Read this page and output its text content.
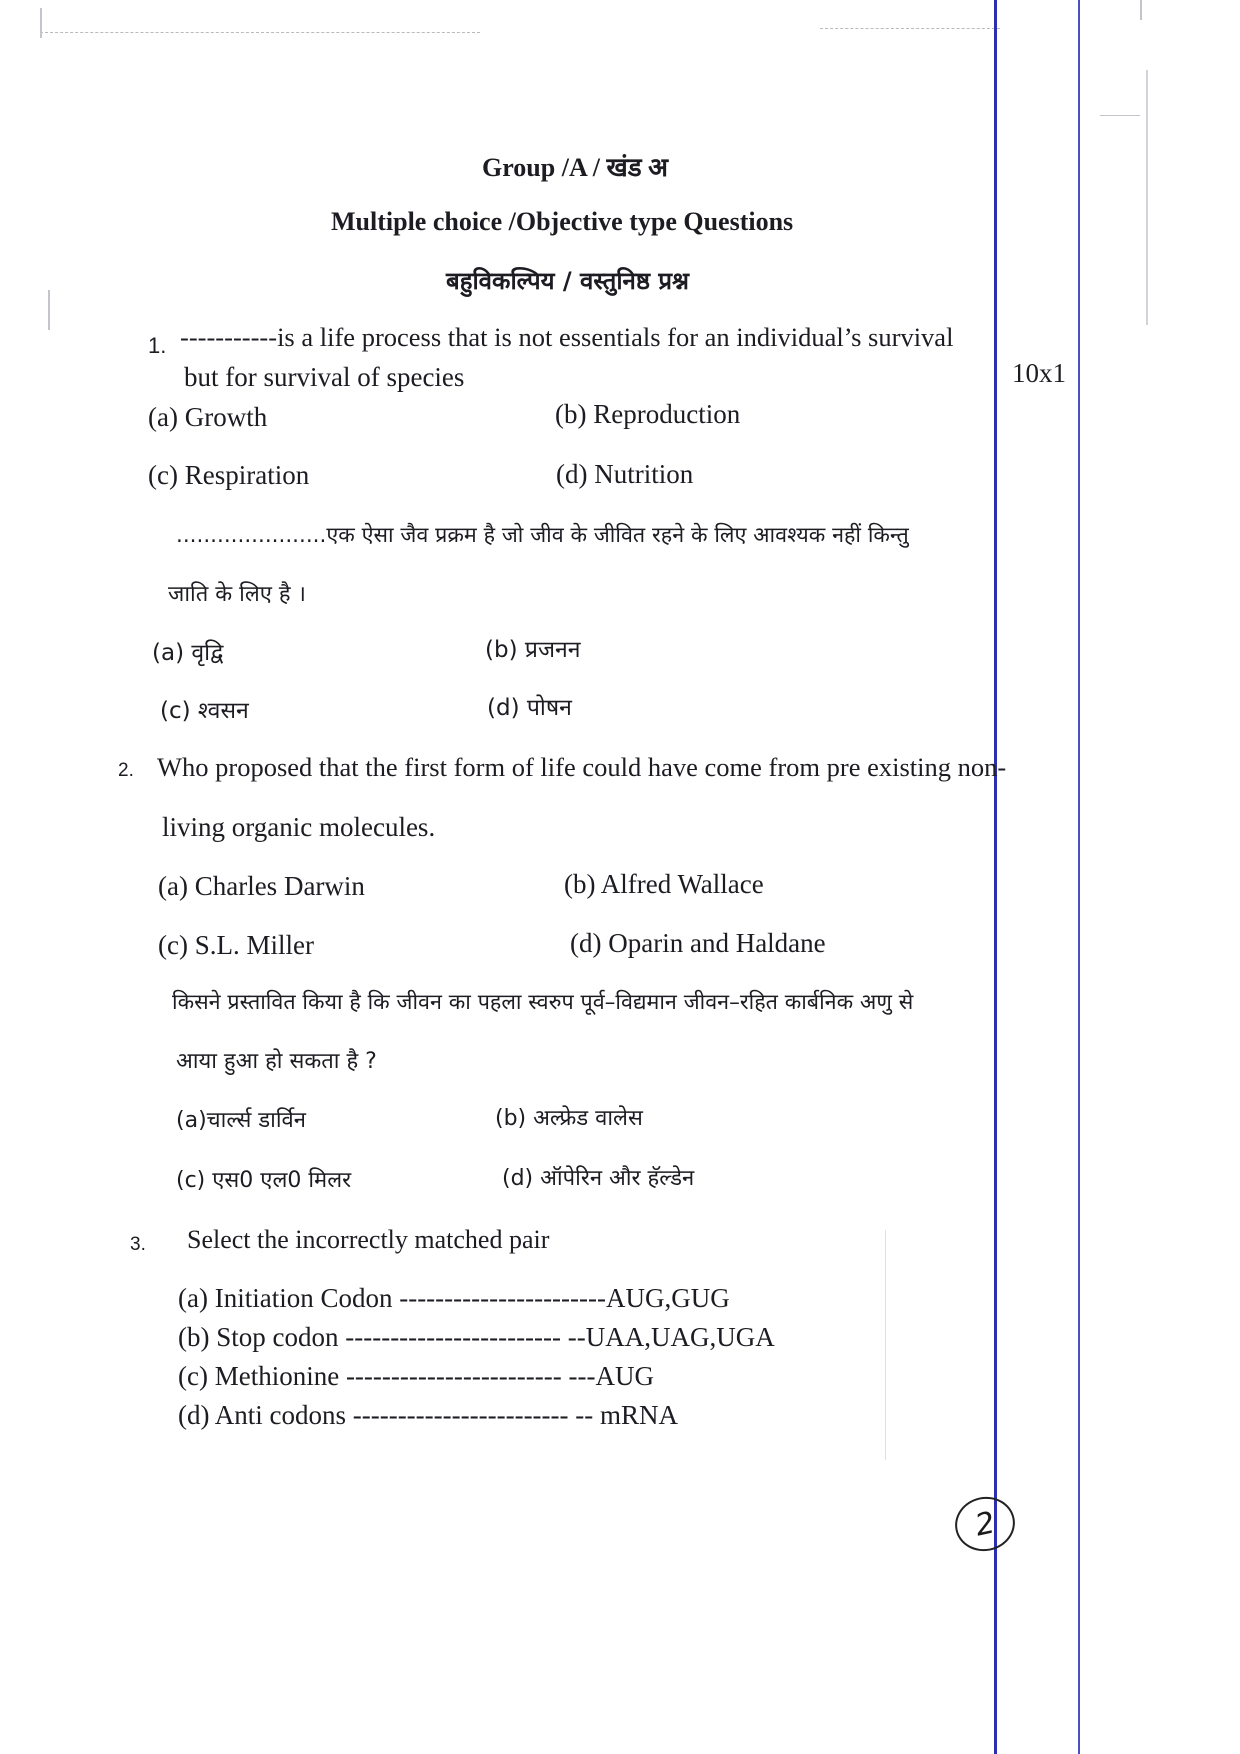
Group /A / खंड अ
Multiple choice /Objective type Questions
बहुविकल्पिय / वस्तुनिष्ठ प्रश्न
1. -----------is a life process that is not essentials for an individual’s survival
but for survival of species	10x1
(a) Growth	(b) Reproduction
(c) Respiration	(d) Nutrition
......................एक ऐसा जैव प्रक्रम है जो जीव के जीवित रहने के लिए आवश्यक नहीं किन्तु
जाति के लिए है ।
(a) वृद्वि	(b) प्रजनन
(c) श्वसन	(d) पोषन
2. Who proposed that the first form of life could have come from pre existing non-
living organic molecules.
(a) Charles Darwin	(b) Alfred Wallace
(c) S.L. Miller	(d) Oparin and Haldane
किसने प्रस्तावित किया है कि जीवन का पहला स्वरुप पूर्व–विद्यमान जीवन–रहित कार्बनिक अणु से
आया हुआ हो सकता है ?
(a)चार्ल्स डार्विन	(b) अल्फ्रेड वालेस
(c) एस0 एल0 मिलर	(d) ऑपेरिन और हॅल्डेन
3. Select the incorrectly matched pair
(a) Initiation Codon -----------------------AUG,GUG
(b) Stop codon ------------------------ --UAA,UAG,UGA
(c) Methionine ------------------------ ---AUG
(d) Anti codons ------------------------ -- mRNA
2
